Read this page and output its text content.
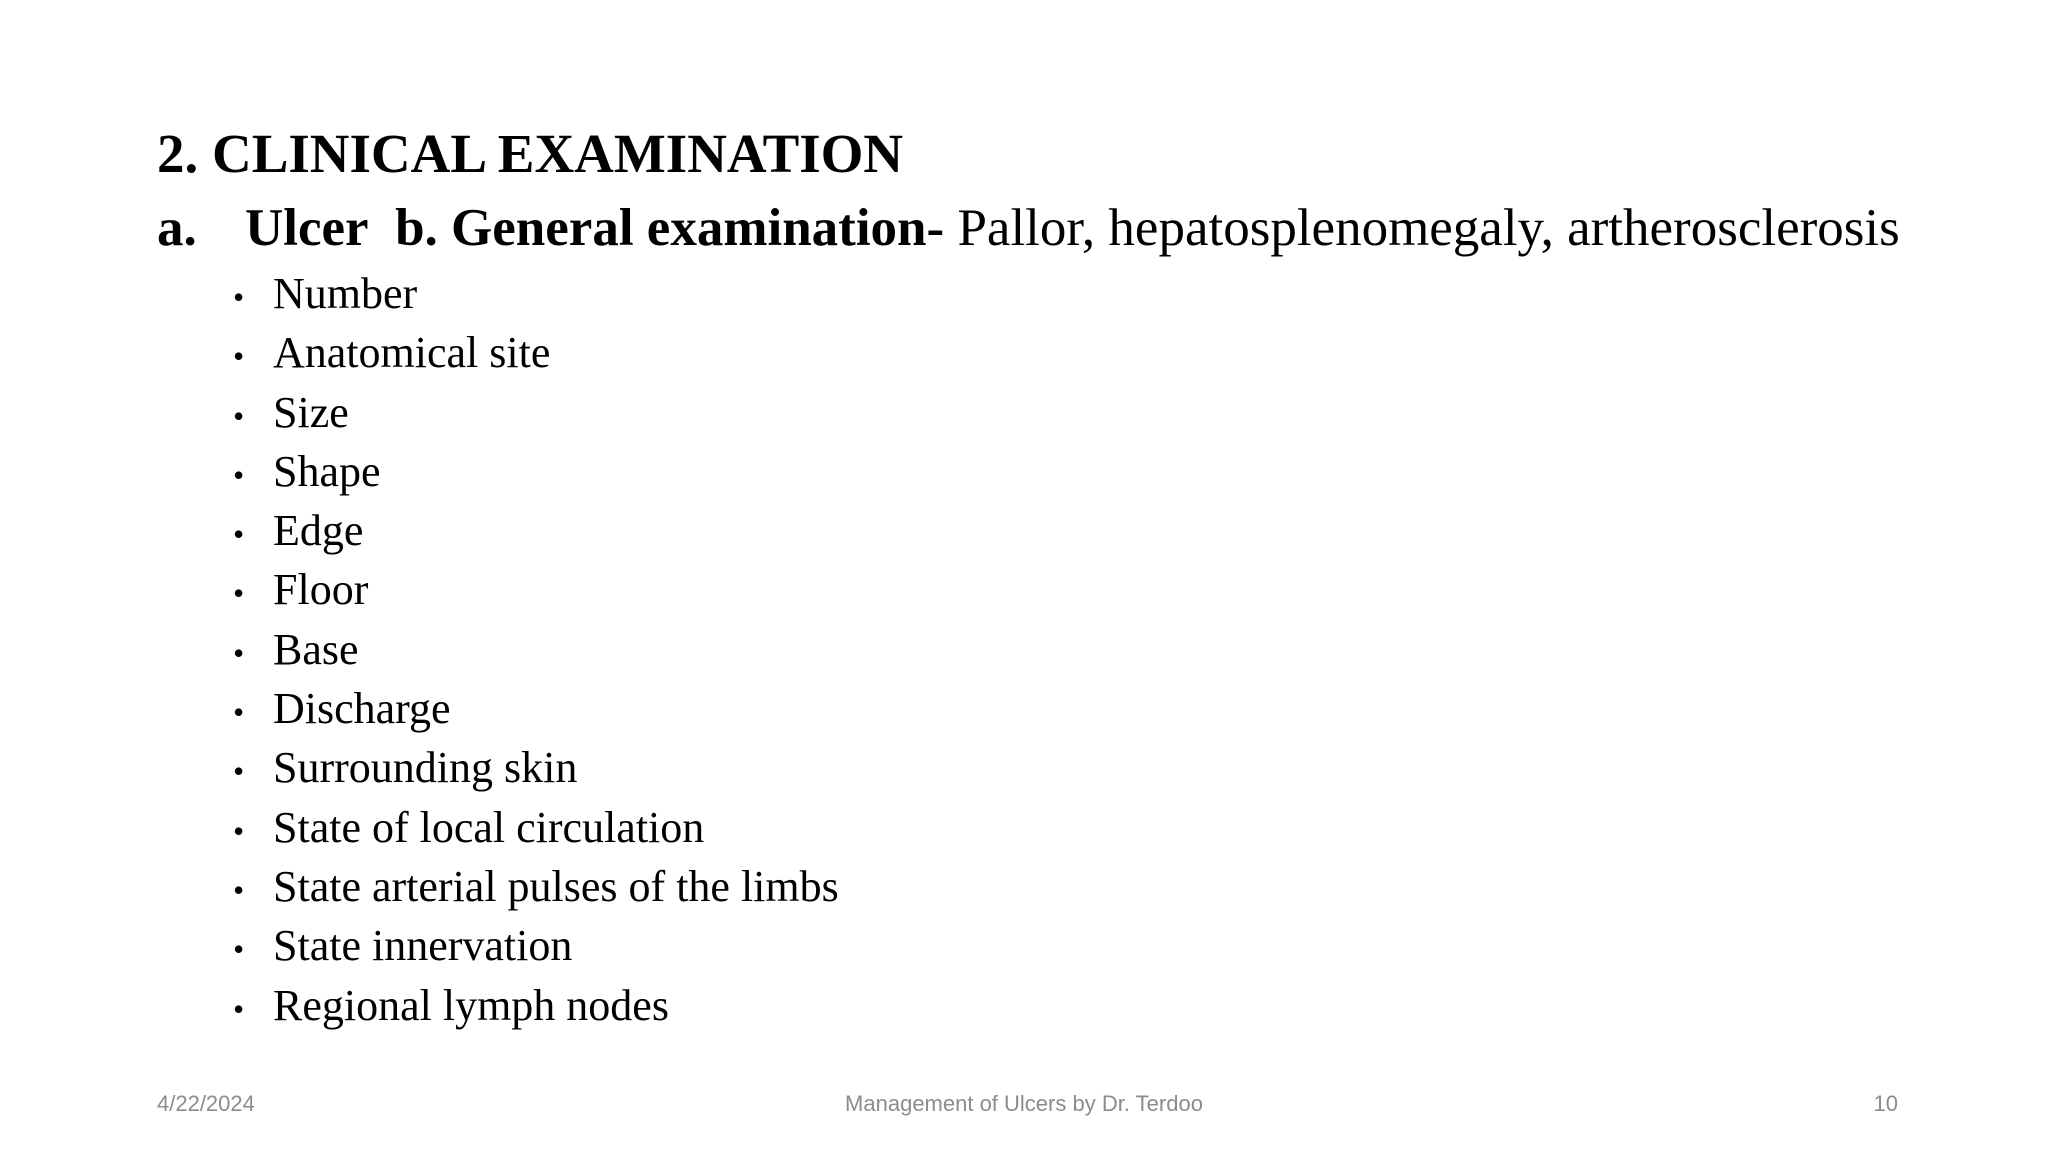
2. CLINICAL EXAMINATION
a. Ulcer b. General examination- Pallor, hepatosplenomegaly, artherosclerosis
• Number
• Anatomical site
• Size
• Shape
• Edge
• Floor
• Base
• Discharge
• Surrounding skin
• State of local circulation
• State arterial pulses of the limbs
• State innervation
• Regional lymph nodes
4/22/2024	Management of Ulcers by Dr. Terdoo	10
